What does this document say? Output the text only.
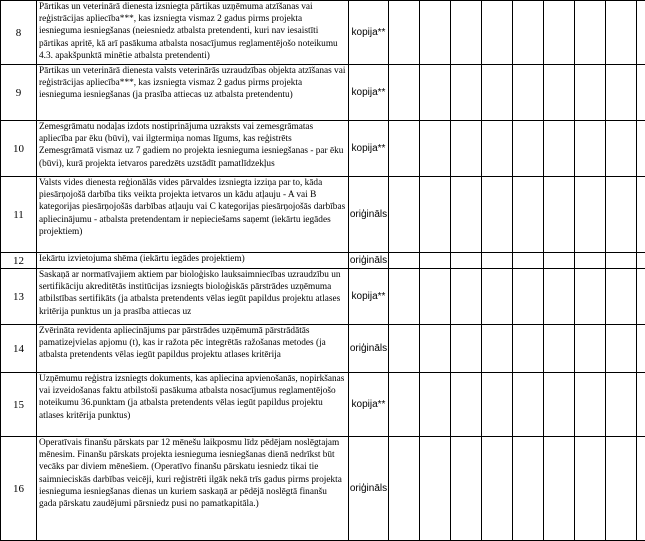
8	Pārtikas un veterinārā dienesta izsniegta pārtikas uzņēmuma atzīšanas vai reģistrācijas apliecība***, kas izsniegta vismaz 2 gadus pirms projekta iesnieguma iesniegšanas (neiesniedz atbalsta pretendenti, kuri nav iesaistīti pārtikas apritē, kā arī pasākuma atbalsta nosacījumus reglamentējošo noteikumu 4.3. apakšpunktā minētie atbalsta pretendenti)	kopija**									
9	Pārtikas un veterinārā dienesta valsts veterinārās uzraudzības objekta atzīšanas vai reģistrācijas apliecība***, kas izsniegta vismaz 2 gadus pirms projekta iesnieguma iesniegšanas (ja prasība attiecas uz atbalsta pretendentu)	kopija**									
10	Zemesgrāmatu nodaļas izdots nostiprinājuma uzraksts vai zemesgrāmatas apliecība par ēku (būvi), vai ilgtermiņa nomas līgums, kas reģistrēts Zemesgrāmatā vismaz uz 7 gadiem no projekta iesnieguma iesniegšanas - par ēku (būvi), kurā projekta ietvaros paredzēts uzstādīt pamatlīdzekļus	kopija**									
11	Valsts vides dienesta reģionālās vides pārvaldes izsniegta izziņa par to, kāda piesārņojošā darbība tiks veikta projekta ietvaros un kādu atļauju - A vai B kategorijas piesārņojošās darbības atļauju vai C kategorijas piesārņojošās darbības apliecinājumu - atbalsta pretendentam ir nepieciešams saņemt (iekārtu iegādes projektiem)	oriģināls									
12	Iekārtu izvietojuma shēma (iekārtu iegādes projektiem)	oriģināls									
13	Saskaņā ar normatīvajiem aktiem par bioloģisko lauksaimniecības uzraudzību un sertifikāciju akreditētās institūcijas izsniegts bioloģiskās pārstrādes uzņēmuma atbilstības sertifikāts (ja atbalsta pretendents vēlas iegūt papildus projektu atlases kritērija punktus un ja prasība attiecas uz	kopija**									
14	Zvērināta revidenta apliecinājums par pārstrādes uzņēmumā pārstrādātās pamatizejvielas apjomu (t), kas ir ražota pēc integrētās ražošanas metodes (ja atbalsta pretendents vēlas iegūt papildus projektu atlases kritērija	oriģināls									
15	Uzņēmumu reģistra izsniegts dokuments, kas apliecina apvienošanās, nopirkšanas vai izveidošanas faktu atbilstoši pasākuma atbalsta nosacījumus reglamentējošo noteikumu 36.punktam (ja atbalsta pretendents vēlas iegūt papildus projektu atlases kritērija punktus)	kopija**									
16	Operatīvais finanšu pārskats par 12 mēnešu laikposmu līdz pēdējam noslēgtajam mēnesim. Finanšu pārskats projekta iesnieguma iesniegšanas dienā nedrīkst būt vecāks par diviem mēnešiem. (Operatīvo finanšu pārskatu iesniedz tikai tie saimnieciskās darbības veicēji, kuri reģistrēti ilgāk nekā trīs gadus pirms projekta iesnieguma iesniegšanas dienas un kuriem saskaņā ar pēdējā noslēgtā finanšu gada pārskatu zaudējumi pārsniedz pusi no pamatkapitāla.)	oriģināls									
